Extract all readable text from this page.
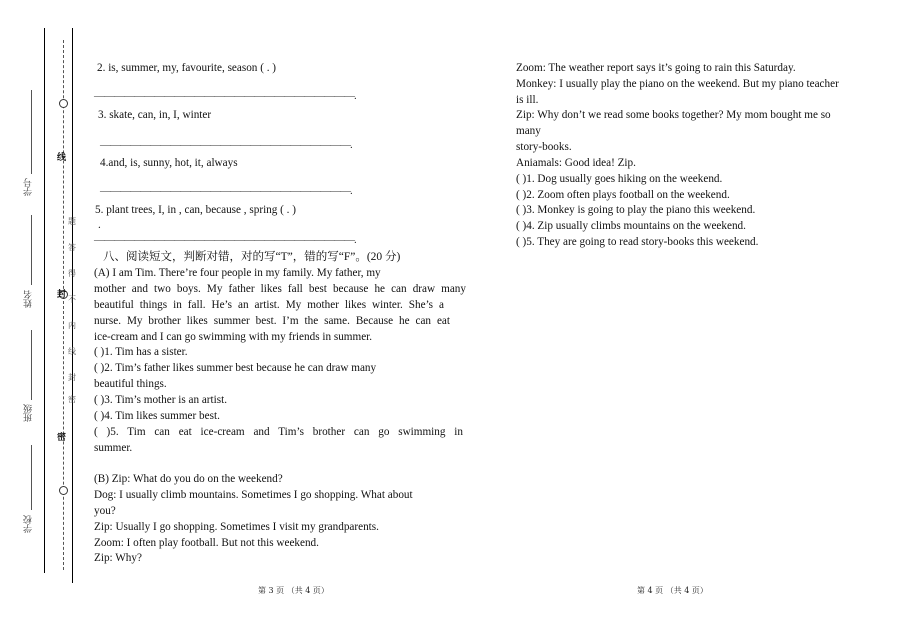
线
封
密
题
答
得
不
内
线
封
密
学号
姓名
班级
学校
2. is, summer, my, favourite, season ( . )
——————————————————————————.
3. skate, can, in, I, winter
—————————————————————————.
4.and, is, sunny, hot, it, always
—————————————————————————.
5. plant trees, I, in , can, because , spring ( . )
.
——————————————————————————.
八、阅读短文，判断对错，对的写“T”，错的写“F”。(20 分)
(A) I am Tim. There’re four people in my family. My father, my
mother and two boys. My father likes fall best because he can draw many
beautiful things in fall. He’s an artist. My mother likes winter. She’s a
nurse. My brother likes summer best. I’m the same. Because he can eat
ice-cream and I can go swimming with my friends in summer.
( )1. Tim has a sister.
( )2. Tim’s father likes summer best because he can draw many
beautiful things.
( )3. Tim’s mother is an artist.
( )4. Tim likes summer best.
( )5. Tim can eat ice-cream and Tim’s brother can go swimming in
summer.
(B) Zip: What do you do on the weekend?
Dog: I usually climb mountains. Sometimes I go shopping. What about
you?
Zip: Usually I go shopping. Sometimes I visit my grandparents.
Zoom: I often play football. But not this weekend.
Zip: Why?
Zoom: The weather report says it’s going to rain this Saturday.
Monkey: I usually play the piano on the weekend. But my piano teacher
is ill.
Zip: Why don’t we read some books together? My mom bought me so
many
story-books.
Aniamals: Good idea! Zip.
( )1. Dog usually goes hiking on the weekend.
( )2. Zoom often plays football on the weekend.
( )3. Monkey is going to play the piano this weekend.
( )4. Zip usually climbs mountains on the weekend.
( )5. They are going to read story-books this weekend.
第 3 页 （共 4 页）	第 4 页 （共 4 页）
